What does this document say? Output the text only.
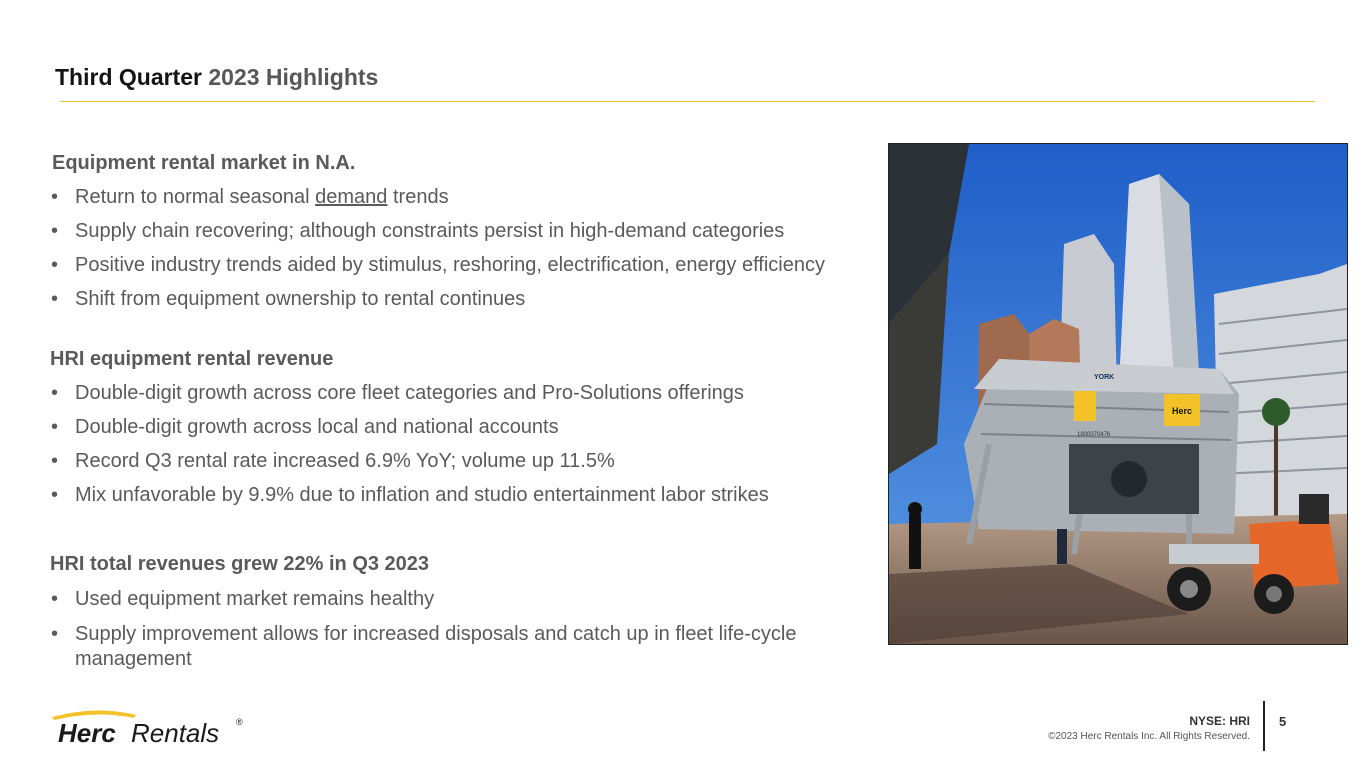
Third Quarter 2023 Highlights
Equipment rental market in N.A.
• Return to normal seasonal demand trends
• Supply chain recovering; although constraints persist in high-demand categories
• Positive industry trends aided by stimulus, reshoring, electrification, energy efficiency
• Shift from equipment ownership to rental continues
HRI equipment rental revenue
• Double-digit growth across core fleet categories and Pro-Solutions offerings
• Double-digit growth across local and national accounts
• Record Q3 rental rate increased 6.9% YoY; volume up 11.5%
• Mix unfavorable by 9.9% due to inflation and studio entertainment labor strikes
HRI total revenues grew 22% in Q3 2023
• Used equipment market remains healthy
• Supply improvement allows for increased disposals and catch up in fleet life-cycle management
Herc
YORK
1800070476
Herc Rentals ®	NYSE: HRI
©2023 Herc Rentals Inc. All Rights Reserved.
5
